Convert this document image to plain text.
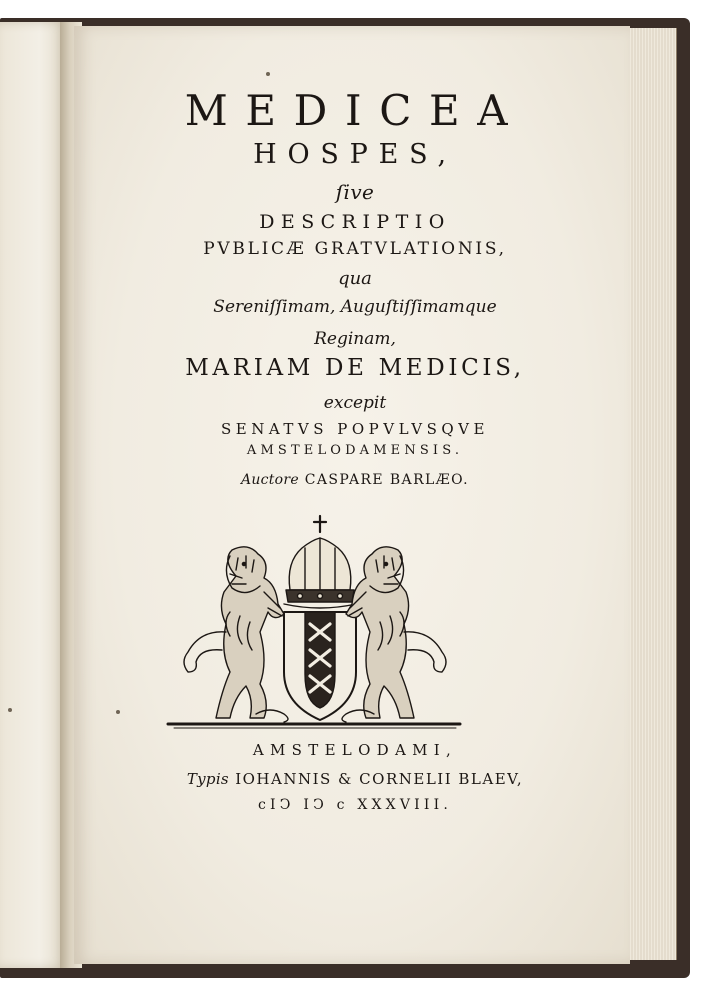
MEDICEA

HOSPES,

ſive

DESCRIPTIO

PVBLICÆ GRATVLATIONIS,

qua

Sereniſſimam, Auguſtiſſimamque

Reginam,

MARIAM DE MEDICIS,

excepit

SENATVS POPVLVSQVE

AMSTELODAMENSIS.

Auctore CASPARE BARLÆO.

AMSTELODAMI,

Typis IOHANNIS & CORNELII BLAEV,

cIↃ IↃ c XXXVIII.
